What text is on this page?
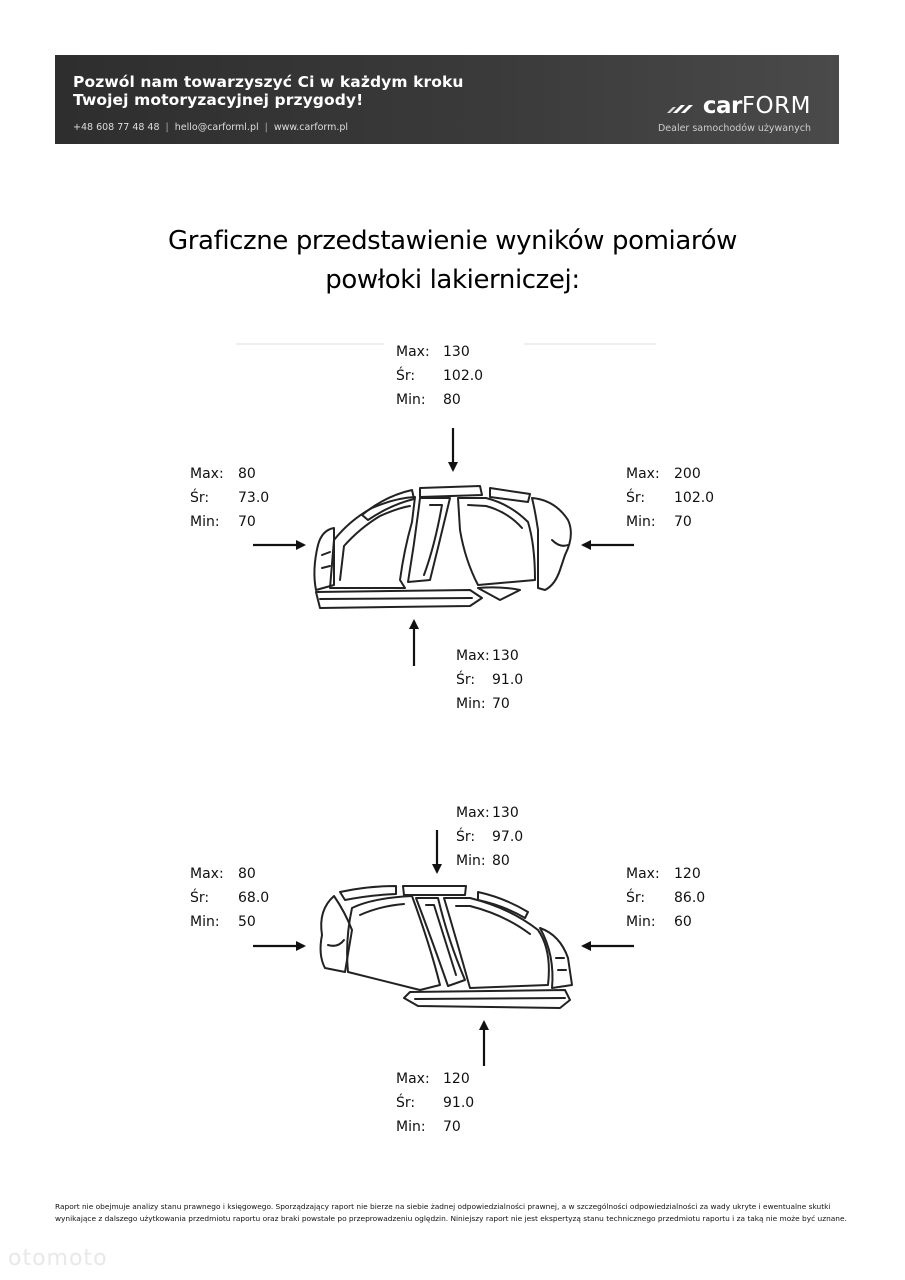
Pozwól nam towarzyszyć Ci w każdym kroku
Twojej motoryzacyjnej przygody!
+48 608 77 48 48 | hello@carforml.pl | www.carform.pl
car FORM
Dealer samochodów używanych
Graficzne przedstawienie wyników pomiarów
powłoki lakierniczej:
Max: 130
Śr: 102.0
Min: 80
Max: 80
Śr: 73.0
Min: 70
Max: 200
Śr: 102.0
Min: 70
Max: 130
Śr: 91.0
Min: 70
Max: 130
Śr: 97.0
Min: 80
Max: 80
Śr: 68.0
Min: 50
Max: 120
Śr: 86.0
Min: 60
Max: 120
Śr: 91.0
Min: 70
Raport nie obejmuje analizy stanu prawnego i księgowego. Sporządzający raport nie bierze na siebie żadnej odpowiedzialności prawnej, a w szczególności odpowiedzialności za wady ukryte i ewentualne skutki wynikające z dalszego użytkowania przedmiotu raportu oraz braki powstałe po przeprowadzeniu oględzin. Niniejszy raport nie jest ekspertyzą stanu technicznego przedmiotu raportu i za taką nie może być uznane.
otomoto
